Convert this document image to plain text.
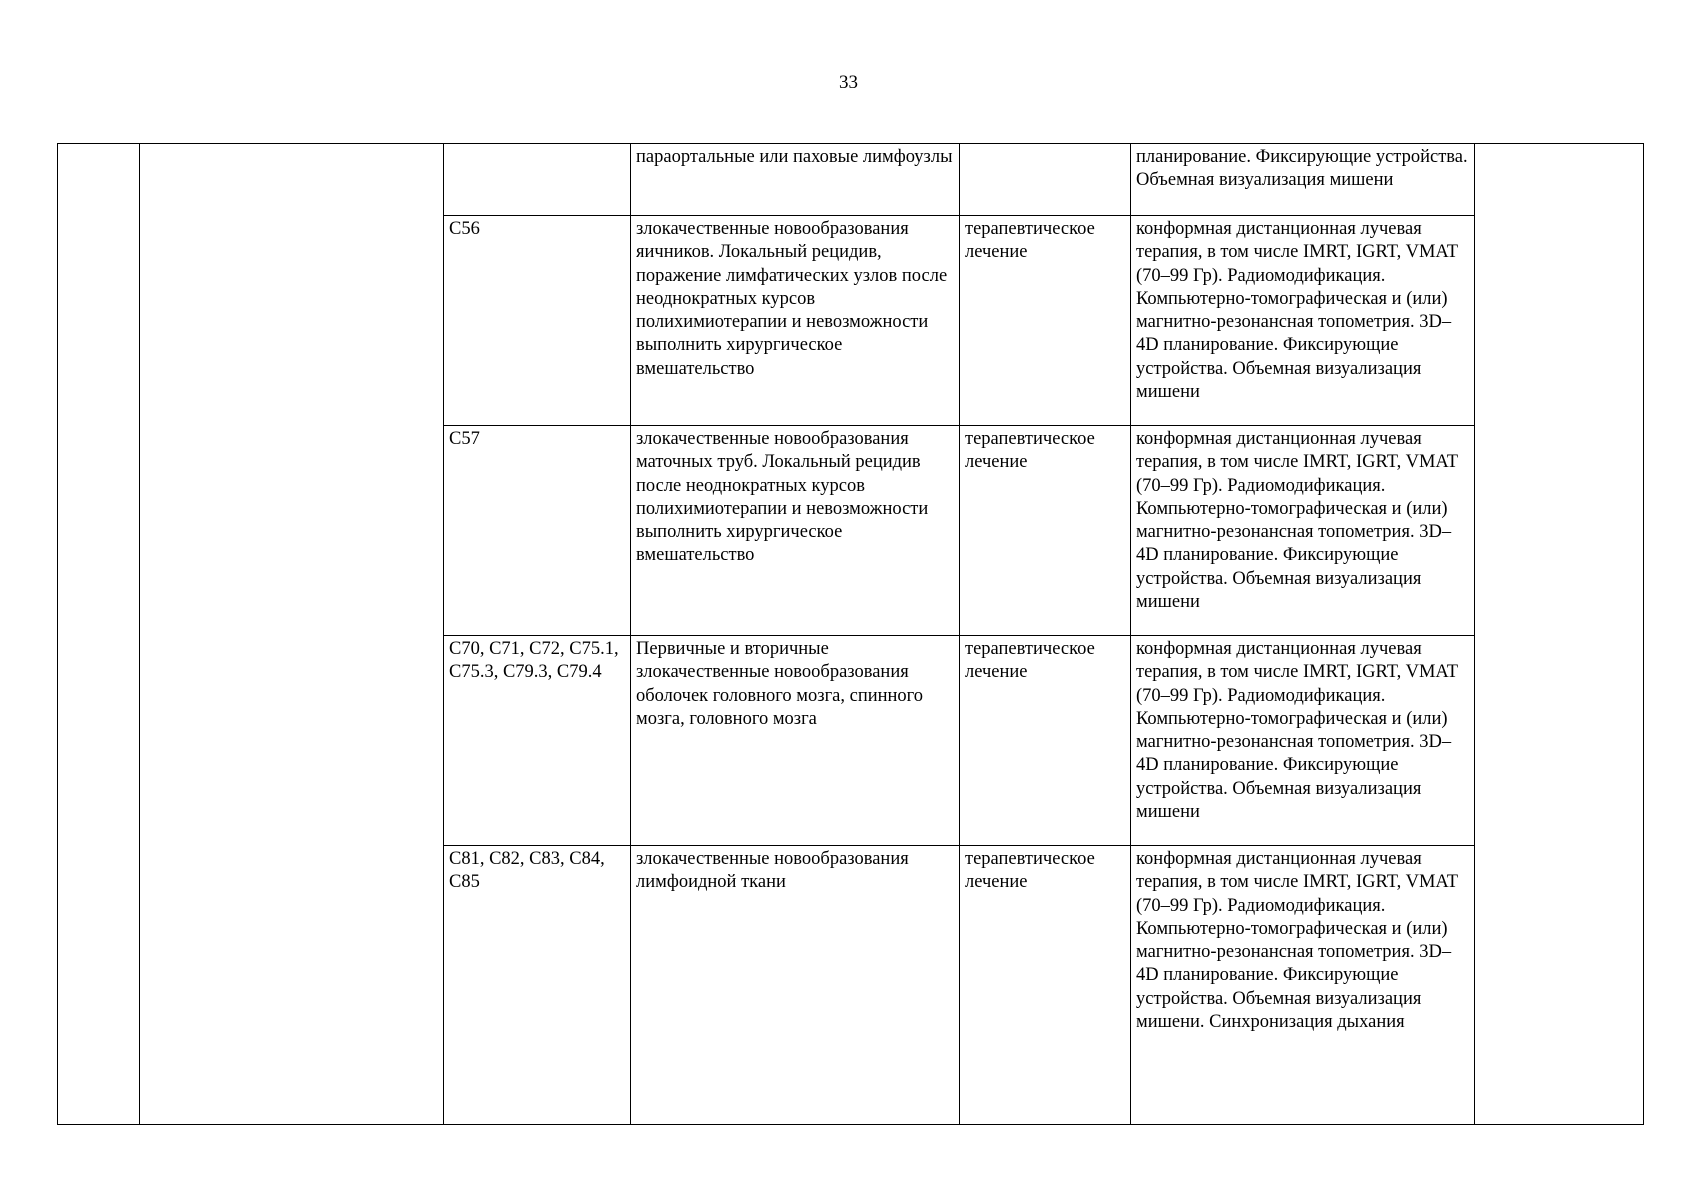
33
			параортальные или паховые лимфоузлы		планирование. Фиксирующие устройства. Объемная визуализация мишени	
		C56	злокачественные новообразования яичников. Локальный рецидив, поражение лимфатических узлов после неоднократных курсов полихимиотерапии и невозможности выполнить хирургическое вмешательство	терапевтическое лечение	конформная дистанционная лучевая терапия, в том числе IMRT, IGRT, VMAT (70–99 Гр). Радиомодификация. Компьютерно-томографическая и (или) магнитно-резонансная топометрия. 3D–4D планирование. Фиксирующие устройства. Объемная визуализация мишени	
		C57	злокачественные новообразования маточных труб. Локальный рецидив после неоднократных курсов полихимиотерапии и невозможности выполнить хирургическое вмешательство	терапевтическое лечение	конформная дистанционная лучевая терапия, в том числе IMRT, IGRT, VMAT (70–99 Гр). Радиомодификация. Компьютерно-томографическая и (или) магнитно-резонансная топометрия. 3D–4D планирование. Фиксирующие устройства. Объемная визуализация мишени	
		C70, C71, C72, C75.1, C75.3, C79.3, C79.4	Первичные и вторичные злокачественные новообразования оболочек головного мозга, спинного мозга, головного мозга	терапевтическое лечение	конформная дистанционная лучевая терапия, в том числе IMRT, IGRT, VMAT (70–99 Гр). Радиомодификация. Компьютерно-томографическая и (или) магнитно-резонансная топометрия. 3D–4D планирование. Фиксирующие устройства. Объемная визуализация мишени	
		C81, C82, C83, C84, C85	злокачественные новообразования лимфоидной ткани	терапевтическое лечение	конформная дистанционная лучевая терапия, в том числе IMRT, IGRT, VMAT (70–99 Гр). Радиомодификация. Компьютерно-томографическая и (или) магнитно-резонансная топометрия. 3D–4D планирование. Фиксирующие устройства. Объемная визуализация мишени. Синхронизация дыхания	
